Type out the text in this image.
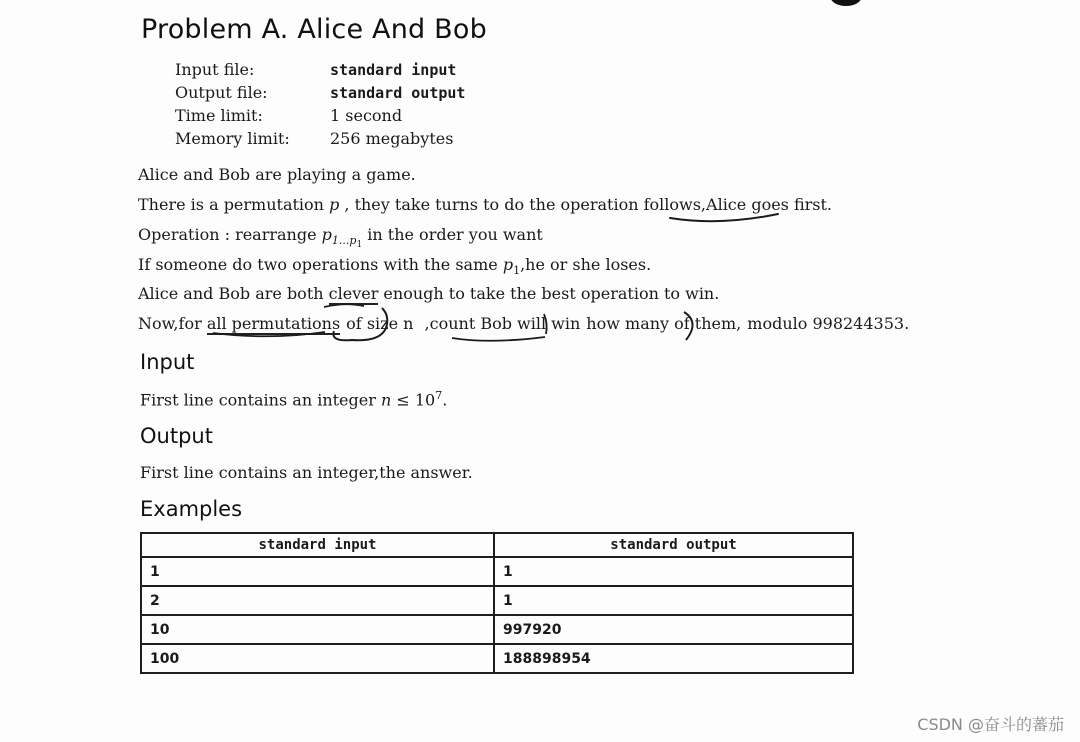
Problem A. Alice And Bob
Input file:	standard input
Output file:	standard output
Time limit:	1 second
Memory limit:	256 megabytes
Alice and Bob are playing a game.
There is a permutation p , they take turns to do the operation follows,Alice goes first.
Operation : rearrange $p_{1...p_1}$ in the order you want
If someone do two operations with the same $p_1,he$ or she loses.
Alice and Bob are both clever enough to take the best operation to win.
Now,for all permutations of size n ,count Bob will win how many of them, modulo 998244353.
Input
First line contains an integer $n \le 10^7$.
Output
First line contains an integer,the answer.
Examples
standard input	standard output
1	1
2	1
10	997920
100	188898954
CSDN @奋斗的蕃茄
